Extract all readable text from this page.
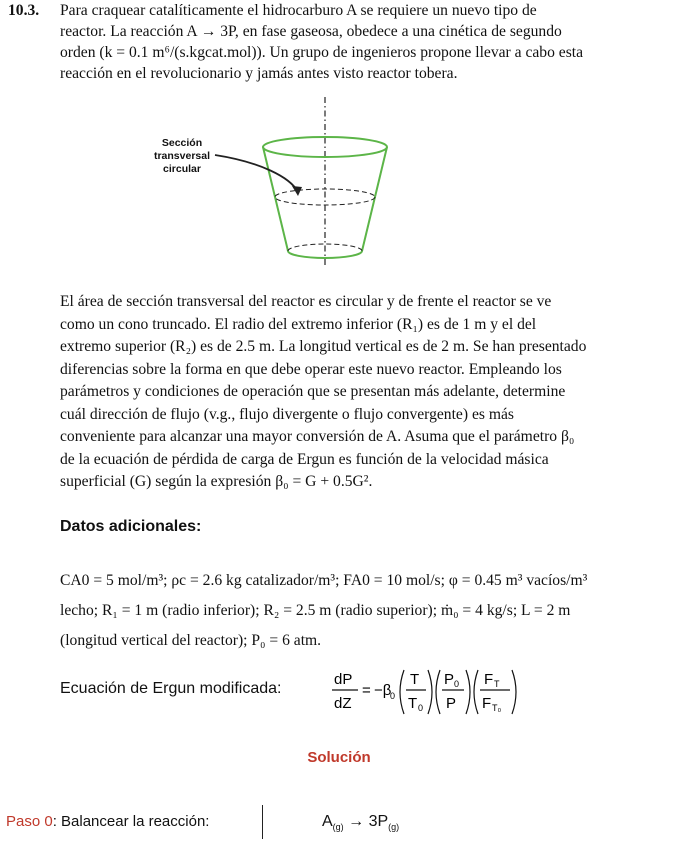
10.3. Para craquear catalíticamente el hidrocarburo A se requiere un nuevo tipo de
reactor. La reacción A → 3P, en fase gaseosa, obedece a una cinética de segundo
orden (k = 0.1 m⁶/(s.kgcat.mol)). Un grupo de ingenieros propone llevar a cabo esta
reacción en el revolucionario y jamás antes visto reactor tobera.
Sección
transversal
circular
El área de sección transversal del reactor es circular y de frente el reactor se ve
como un cono truncado. El radio del extremo inferior (R₁) es de 1 m y el del
extremo superior (R₂) es de 2.5 m. La longitud vertical es de 2 m. Se han presentado
diferencias sobre la forma en que debe operar este nuevo reactor. Empleando los
parámetros y condiciones de operación que se presentan más adelante, determine
cuál dirección de flujo (v.g., flujo divergente o flujo convergente) es más
conveniente para alcanzar una mayor conversión de A. Asuma que el parámetro β₀
de la ecuación de pérdida de carga de Ergun es función de la velocidad másica
superficial (G) según la expresión β₀ = G + 0.5G².
Datos adicionales:
CA0 = 5 mol/m³; ρc = 2.6 kg catalizador/m³; FA0 = 10 mol/s; φ = 0.45 m³ vacíos/m³
lecho; R₁ = 1 m (radio inferior); R₂ = 2.5 m (radio superior); ṁ₀ = 4 kg/s; L = 2 m
(longitud vertical del reactor); P₀ = 6 atm.
Ecuación de Ergun modificada:
dP
dZ
= −β
0
T
T 0
P 0
P
F T
F T₀
Solución
Paso 0: Balancear la reacción:	$A_{(g)} \to 3P_{(g)}$
